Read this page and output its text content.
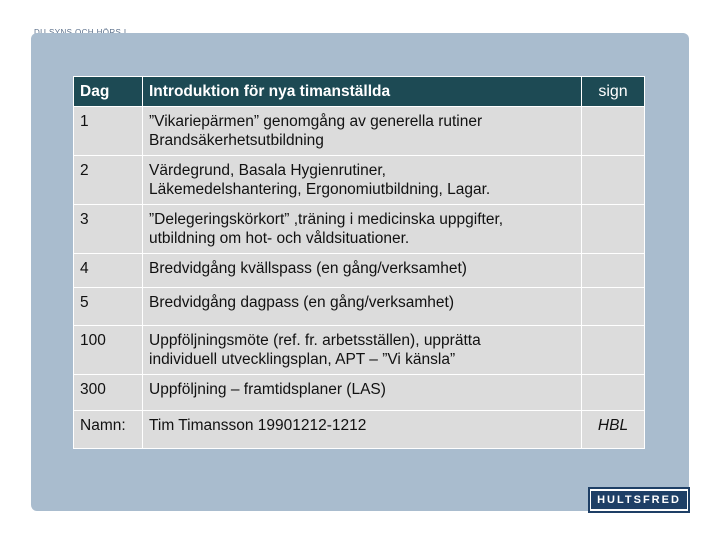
Dag	Introduktion för nya timanställda	sign
1	”Vikariepärmen” genomgång av generella rutiner
Brandsäkerhetsutbildning	

2	Värdegrund, Basala Hygienrutiner,
Läkemedelshantering, Ergonomiutbildning, Lagar.	

3	”Delegeringskörkort” ,träning i medicinska uppgifter,
utbildning om hot- och våldsituationer.	

4	Bredvidgång kvällspass (en gång/verksamhet)	

5	Bredvidgång dagpass (en gång/verksamhet)	

100	Uppföljningsmöte (ref. fr. arbetsställen), upprätta
individuell utvecklingsplan, APT – ”Vi känsla”	

300	Uppföljning – framtidsplaner (LAS)	

Namn:	Tim Timansson 19901212-1212	HBL
HULTSFRED
